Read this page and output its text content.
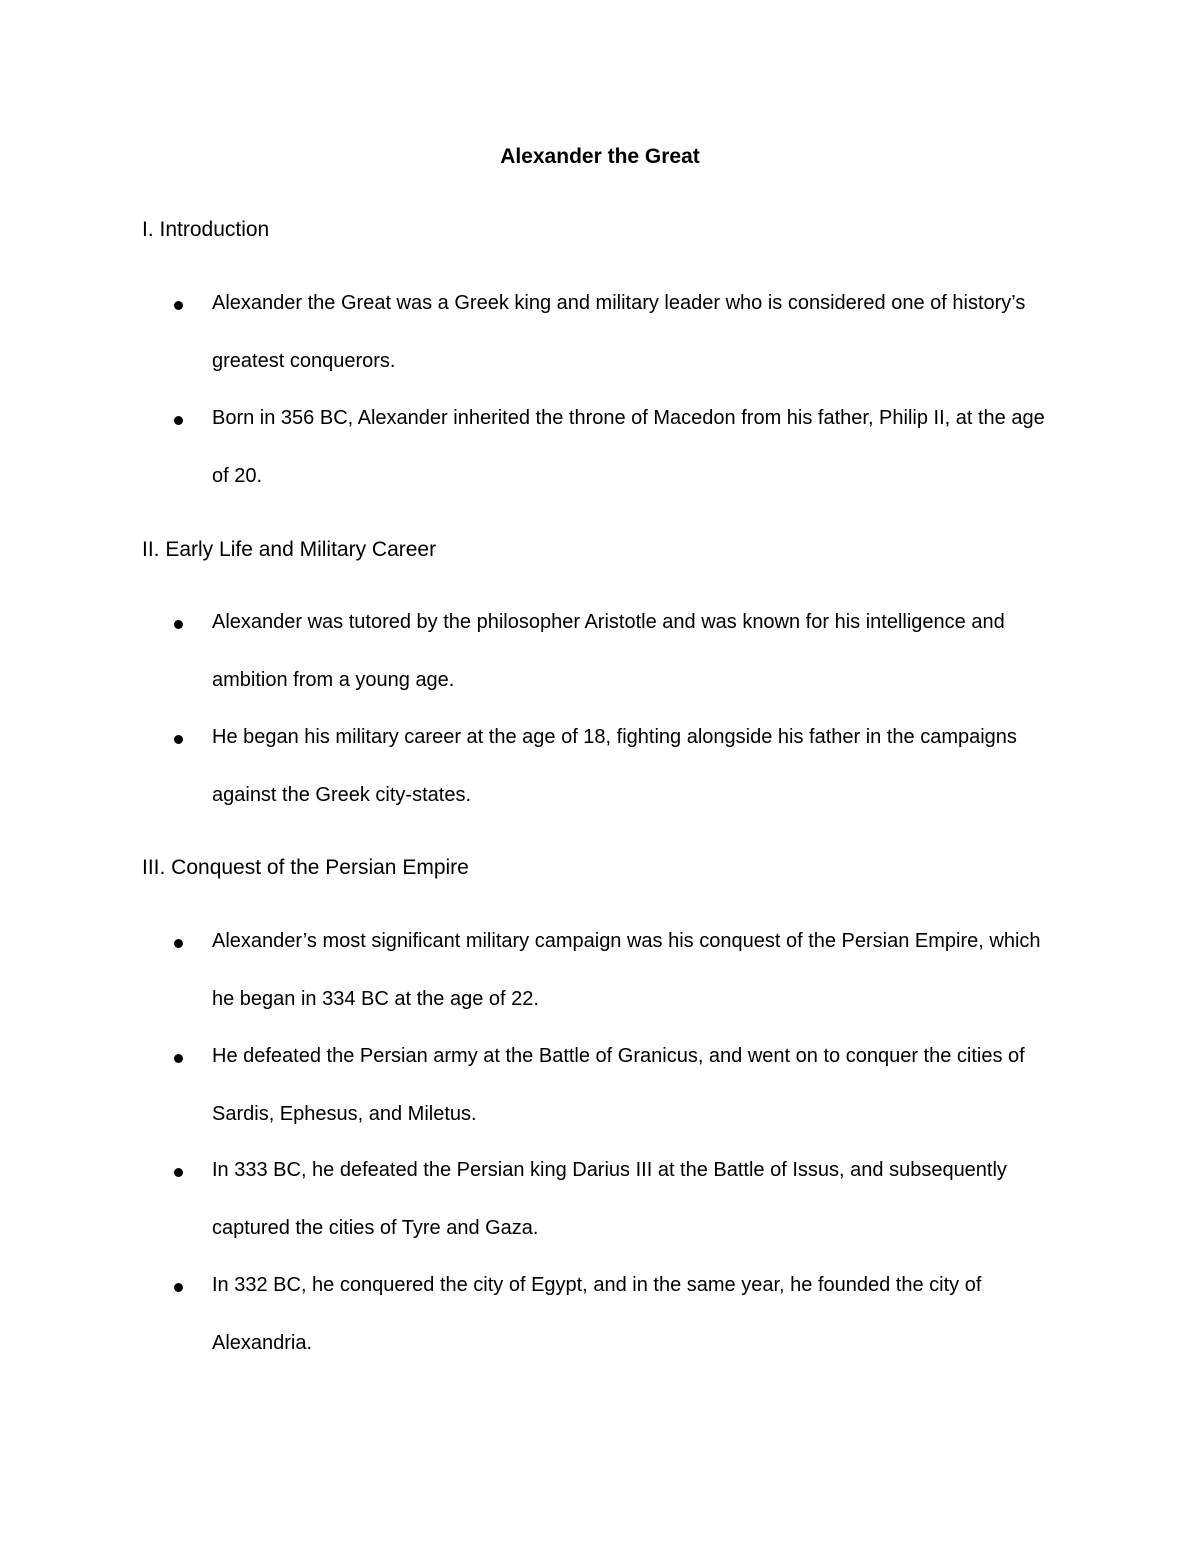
Alexander the Great
I. Introduction
Alexander the Great was a Greek king and military leader who is considered one of history’s greatest conquerors.
Born in 356 BC, Alexander inherited the throne of Macedon from his father, Philip II, at the age of 20.
II. Early Life and Military Career
Alexander was tutored by the philosopher Aristotle and was known for his intelligence and ambition from a young age.
He began his military career at the age of 18, fighting alongside his father in the campaigns against the Greek city-states.
III. Conquest of the Persian Empire
Alexander’s most significant military campaign was his conquest of the Persian Empire, which he began in 334 BC at the age of 22.
He defeated the Persian army at the Battle of Granicus, and went on to conquer the cities of Sardis, Ephesus, and Miletus.
In 333 BC, he defeated the Persian king Darius III at the Battle of Issus, and subsequently captured the cities of Tyre and Gaza.
In 332 BC, he conquered the city of Egypt, and in the same year, he founded the city of Alexandria.
